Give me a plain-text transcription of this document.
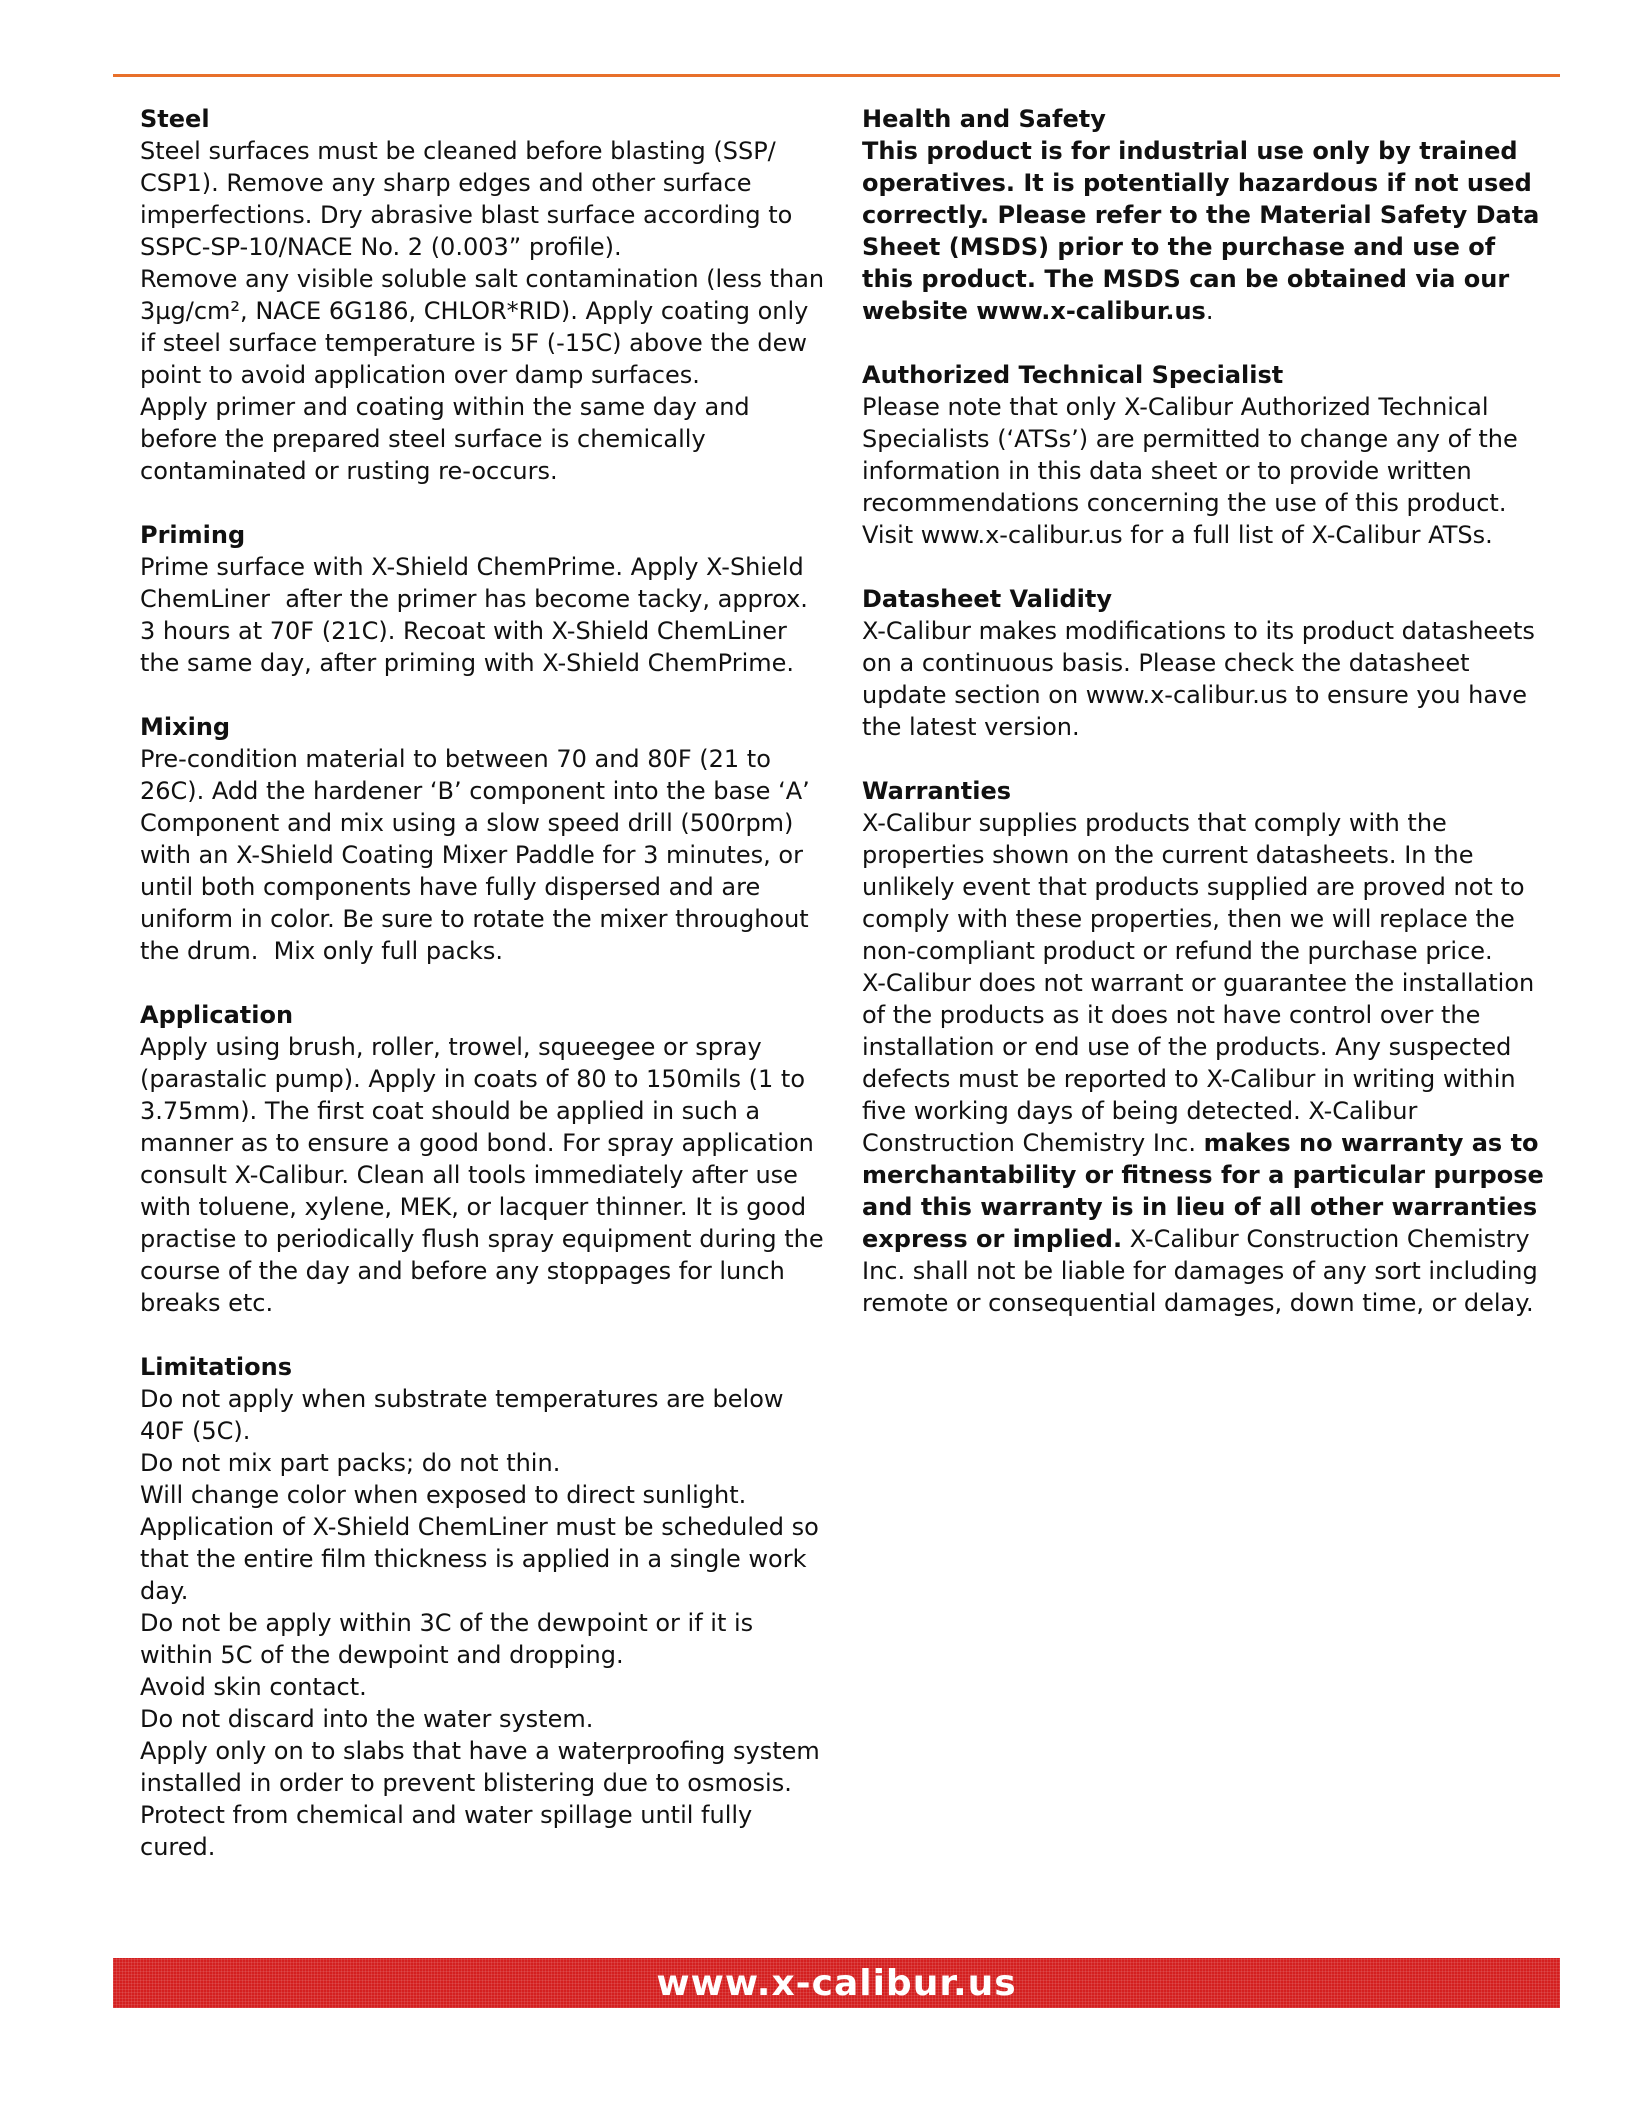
Steel
Steel surfaces must be cleaned before blasting (SSP/
CSP1). Remove any sharp edges and other surface
imperfections. Dry abrasive blast surface according to
SSPC-SP-10/NACE No. 2 (0.003” profile).
Remove any visible soluble salt contamination (less than
3µg/cm², NACE 6G186, CHLOR*RID). Apply coating only
if steel surface temperature is 5F (-15C) above the dew
point to avoid application over damp surfaces.
Apply primer and coating within the same day and
before the prepared steel surface is chemically
contaminated or rusting re-occurs.
Priming
Prime surface with X-Shield ChemPrime. Apply X-Shield
ChemLiner  after the primer has become tacky, approx.
3 hours at 70F (21C). Recoat with X-Shield ChemLiner
the same day, after priming with X-Shield ChemPrime.
Mixing
Pre-condition material to between 70 and 80F (21 to
26C). Add the hardener ‘B’ component into the base ‘A’
Component and mix using a slow speed drill (500rpm)
with an X-Shield Coating Mixer Paddle for 3 minutes, or
until both components have fully dispersed and are
uniform in color. Be sure to rotate the mixer throughout
the drum.  Mix only full packs.
Application
Apply using brush, roller, trowel, squeegee or spray
(parastalic pump). Apply in coats of 80 to 150mils (1 to
3.75mm). The first coat should be applied in such a
manner as to ensure a good bond. For spray application
consult X-Calibur. Clean all tools immediately after use
with toluene, xylene, MEK, or lacquer thinner. It is good
practise to periodically flush spray equipment during the
course of the day and before any stoppages for lunch
breaks etc.
Limitations
Do not apply when substrate temperatures are below
40F (5C).
Do not mix part packs; do not thin.
Will change color when exposed to direct sunlight.
Application of X-Shield ChemLiner must be scheduled so
that the entire film thickness is applied in a single work
day.
Do not be apply within 3C of the dewpoint or if it is
within 5C of the dewpoint and dropping.
Avoid skin contact.
Do not discard into the water system.
Apply only on to slabs that have a waterproofing system
installed in order to prevent blistering due to osmosis.
Protect from chemical and water spillage until fully
cured.
Health and Safety
This product is for industrial use only by trained
operatives. It is potentially hazardous if not used
correctly. Please refer to the Material Safety Data
Sheet (MSDS) prior to the purchase and use of
this product. The MSDS can be obtained via our
website www.x-calibur.us.
Authorized Technical Specialist
Please note that only X-Calibur Authorized Technical
Specialists (‘ATSs’) are permitted to change any of the
information in this data sheet or to provide written
recommendations concerning the use of this product.
Visit www.x-calibur.us for a full list of X-Calibur ATSs.
Datasheet Validity
X-Calibur makes modifications to its product datasheets
on a continuous basis. Please check the datasheet
update section on www.x-calibur.us to ensure you have
the latest version.
Warranties
X-Calibur supplies products that comply with the
properties shown on the current datasheets. In the
unlikely event that products supplied are proved not to
comply with these properties, then we will replace the
non-compliant product or refund the purchase price.
X-Calibur does not warrant or guarantee the installation
of the products as it does not have control over the
installation or end use of the products. Any suspected
defects must be reported to X-Calibur in writing within
five working days of being detected. X-Calibur
Construction Chemistry Inc. makes no warranty as to
merchantability or fitness for a particular purpose
and this warranty is in lieu of all other warranties
express or implied. X-Calibur Construction Chemistry
Inc. shall not be liable for damages of any sort including
remote or consequential damages, down time, or delay.
www.x-calibur.us
